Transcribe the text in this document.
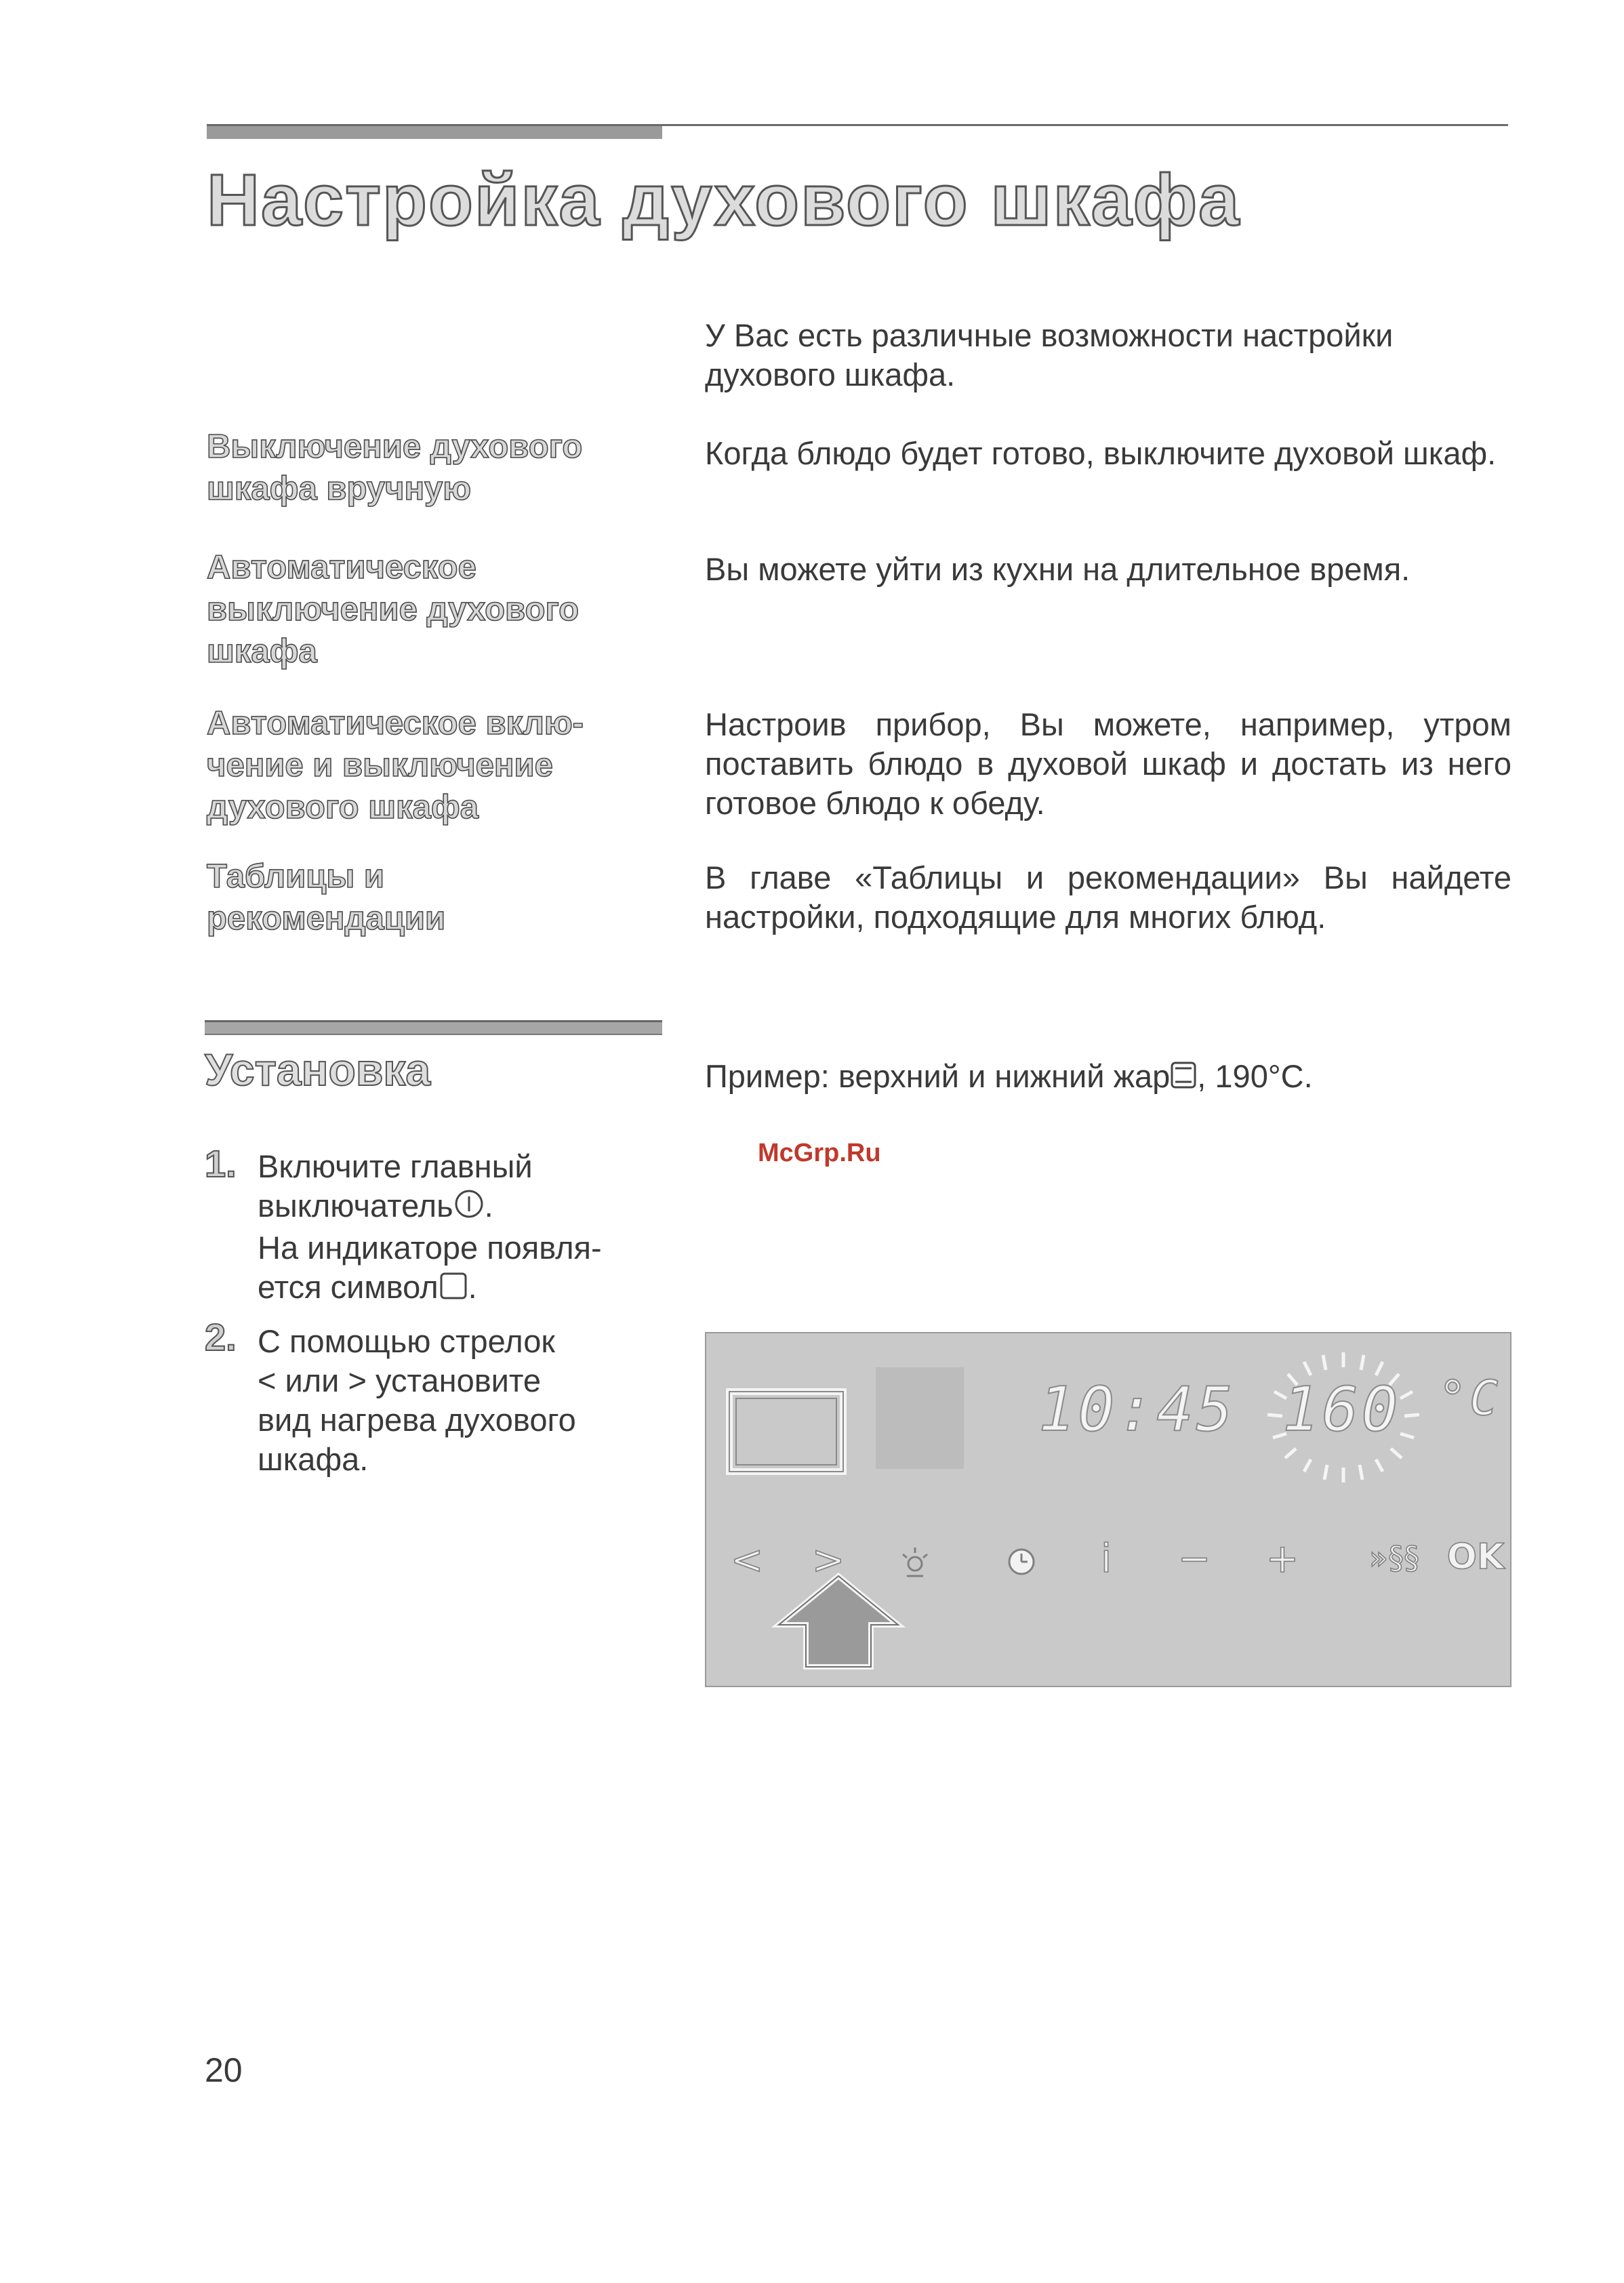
Настройка духового шкафа
У Вас есть различные возможности настройки духового шкафа.
Выключение духового шкафа вручную
Когда блюдо будет готово, выключите духовой шкаф.
Автоматическое выключение духового шкафа
Вы можете уйти из кухни на длительное время.
Автоматическое вклю-чение и выключение духового шкафа
Настроив прибор, Вы можете, например, утром поставить блюдо в духовой шкаф и достать из него готовое блюдо к обеду.
Таблицы и рекомендации
В главе «Таблицы и рекомендации» Вы найдете настройки, подходящие для многих блюд.
Установка	Пример: верхний и нижний жар , 190°C.
McGrp.Ru
1. Включите главный
выключатель .
На индикаторе появля-
ется символ .
2. С помощью стрелок
< или > установите
вид нагрева духового
шкафа.
10:45 160 °C
< >	i	− +	»§§ OK
20
